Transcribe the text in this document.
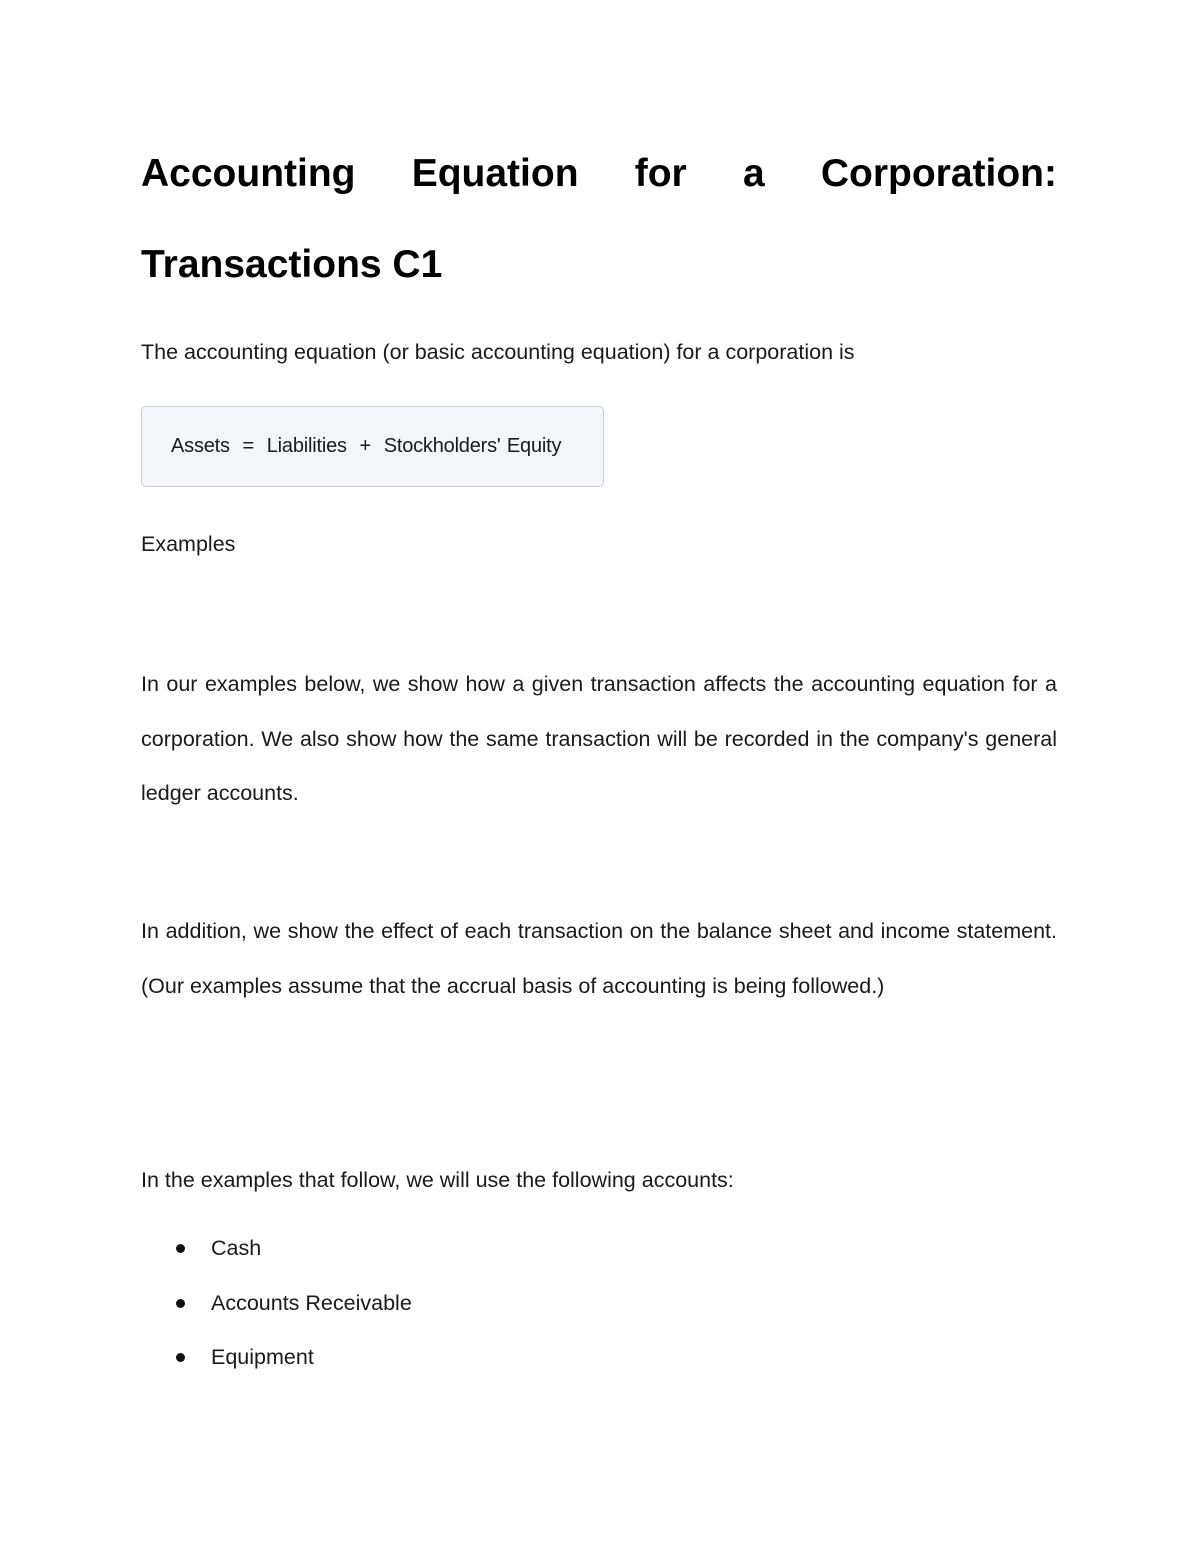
Accounting Equation for a Corporation: Transactions C1

The accounting equation (or basic accounting equation) for a corporation is

Assets  =  Liabilities  +  Stockholders' Equity

Examples

In our examples below, we show how a given transaction affects the accounting equation for a corporation. We also show how the same transaction will be recorded in the company's general ledger accounts.

In addition, we show the effect of each transaction on the balance sheet and income statement. (Our examples assume that the accrual basis of accounting is being followed.)

In the examples that follow, we will use the following accounts:

Cash
Accounts Receivable
Equipment
